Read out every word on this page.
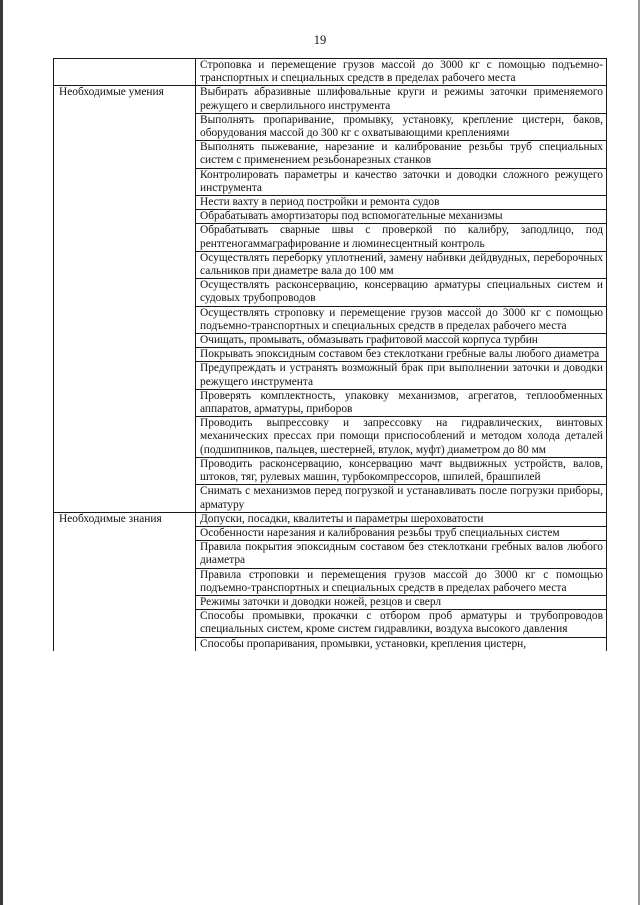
19
	Строповка и перемещение грузов массой до 3000 кг с помощью подъемно-транспортных и специальных средств в пределах рабочего места
Необходимые умения	Выбирать абразивные шлифовальные круги и режимы заточки применяемого режущего и сверлильного инструмента
	Выполнять пропаривание, промывку, установку, крепление цистерн, баков, оборудования массой до 300 кг с охватывающими креплениями
	Выполнять пыжевание, нарезание и калибрование резьбы труб специальных систем с применением резьбонарезных станков
	Контролировать параметры и качество заточки и доводки сложного режущего инструмента
	Нести вахту в период постройки и ремонта судов
	Обрабатывать амортизаторы под вспомогательные механизмы
	Обрабатывать сварные швы с проверкой по калибру, заподлицо, под рентгеногаммаграфирование и люминесцентный контроль
	Осуществлять переборку уплотнений, замену набивки дейдвудных, переборочных сальников при диаметре вала до 100 мм
	Осуществлять расконсервацию, консервацию арматуры специальных систем и судовых трубопроводов
	Осуществлять строповку и перемещение грузов массой до 3000 кг с помощью подъемно-транспортных и специальных средств в пределах рабочего места
	Очищать, промывать, обмазывать графитовой массой корпуса турбин
	Покрывать эпоксидным составом без стеклоткани гребные валы любого диаметра
	Предупреждать и устранять возможный брак при выполнении заточки и доводки режущего инструмента
	Проверять комплектность, упаковку механизмов, агрегатов, теплообменных аппаратов, арматуры, приборов
	Проводить выпрессовку и запрессовку на гидравлических, винтовых механических прессах при помощи приспособлений и методом холода деталей (подшипников, пальцев, шестерней, втулок, муфт) диаметром до 80 мм
	Проводить расконсервацию, консервацию мачт выдвижных устройств, валов, штоков, тяг, рулевых машин, турбокомпрессоров, шпилей, брашпилей
	Снимать с механизмов перед погрузкой и устанавливать после погрузки приборы, арматуру
Необходимые знания	Допуски, посадки, квалитеты и параметры шероховатости
	Особенности нарезания и калибрования резьбы труб специальных систем
	Правила покрытия эпоксидным составом без стеклоткани гребных валов любого диаметра
	Правила строповки и перемещения грузов массой до 3000 кг с помощью подъемно-транспортных и специальных средств в пределах рабочего места
	Режимы заточки и доводки ножей, резцов и сверл
	Способы промывки, прокачки с отбором проб арматуры и трубопроводов специальных систем, кроме систем гидравлики, воздуха высокого давления
	Способы пропаривания, промывки, установки, крепления цистерн,
